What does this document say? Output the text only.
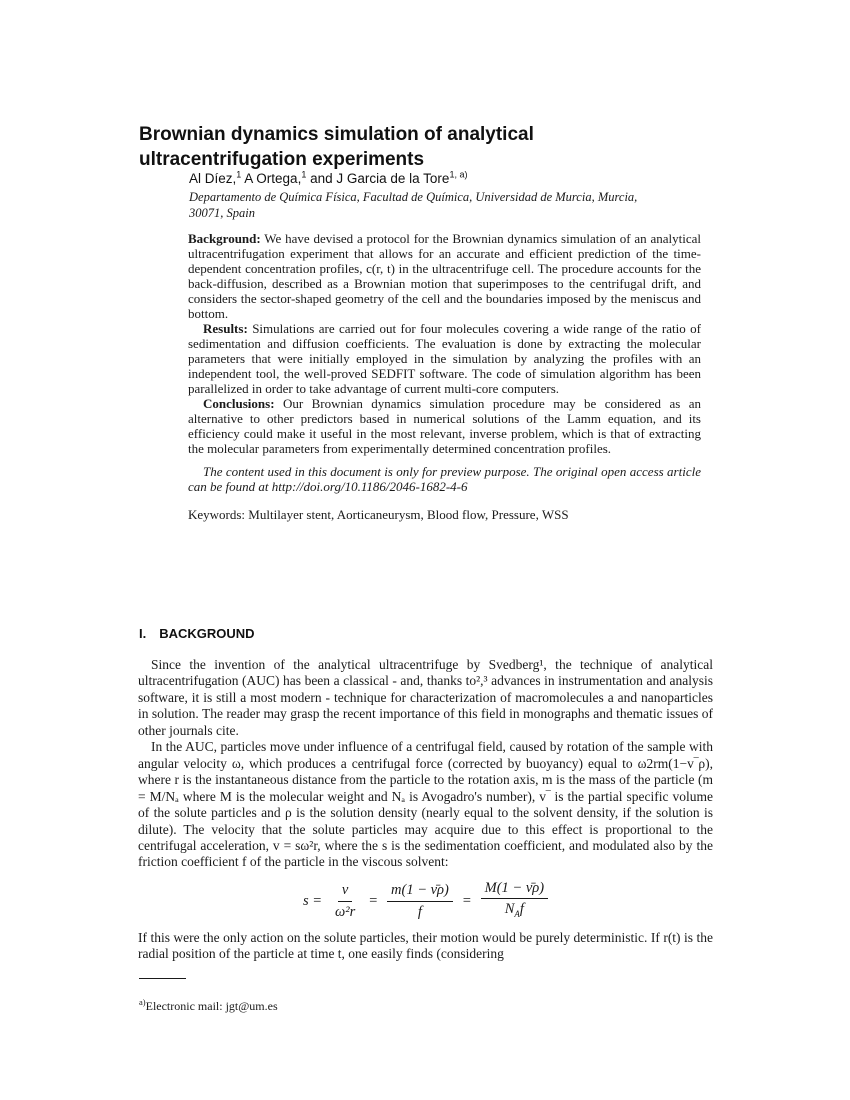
Brownian dynamics simulation of analytical
ultracentrifugation experiments
Al Díez,$^1$ A Ortega,$^1$ and J Garcia de la Tore$^{1, a)}$
Departamento de Química Física, Facultad de Química, Universidad de Murcia, Murcia,
30071, Spain

Background: We have devised a protocol for the Brownian dynamics simulation of an analytical ultracentrifugation experiment that allows for an accurate and efficient prediction of the time-dependent concentration profiles, c(r, t) in the ultracentrifuge cell. The procedure accounts for the back-diffusion, described as a Brownian motion that superimposes to the centrifugal drift, and considers the sector-shaped geometry of the cell and the boundaries imposed by the meniscus and bottom.

Results: Simulations are carried out for four molecules covering a wide range of the ratio of sedimentation and diffusion coefficients. The evaluation is done by extracting the molecular parameters that were initially employed in the simulation by analyzing the profiles with an independent tool, the well-proved SEDFIT software. The code of simulation algorithm has been parallelized in order to take advantage of current multi-core computers.

Conclusions: Our Brownian dynamics simulation procedure may be considered as an alternative to other predictors based in numerical solutions of the Lamm equation, and its efficiency could make it useful in the most relevant, inverse problem, which is that of extracting the molecular parameters from experimentally determined concentration profiles.

The content used in this document is only for preview purpose. The original open access article can be found at http://doi.org/10.1186/2046-1682-4-6

Keywords: Multilayer stent, Aorticaneurysm, Blood flow, Pressure, WSS

I. BACKGROUND

Since the invention of the analytical ultracentrifuge by Svedberg¹, the technique of analytical ultracentrifugation (AUC) has been a classical - and, thanks to²,³ advances in instrumentation and analysis software, it is still a most modern - technique for characterization of macromolecules a and nanoparticles in solution. The reader may grasp the recent importance of this field in monographs and thematic issues of other journals cite.

In the AUC, particles move under influence of a centrifugal field, caused by rotation of the sample with angular velocity ω, which produces a centrifugal force (corrected by buoyancy) equal to ω2rm(1−v‾ρ), where r is the instantaneous distance from the particle to the rotation axis, m is the mass of the particle (m = M/Nₐ where M is the molecular weight and Nₐ is Avogadro's number), v‾ is the partial specific volume of the solute particles and ρ is the solution density (nearly equal to the solvent density, if the solution is dilute). The velocity that the solute particles may acquire due to this effect is proportional to the centrifugal acceleration, v = sω²r, where the s is the sedimentation coefficient, and modulated also by the friction coefficient f of the particle in the viscous solvent:

$s = \frac{\nu}{\text{ω²r}} = \frac{m(1 - \nū\rho)}{f} = \frac{M(1 - \nū\rho)}{N_Af}$

If this were the only action on the solute particles, their motion would be purely deterministic. If r(t) is the radial position of the particle at time t, one easily finds (considering

$^{a)}$Electronic mail: jgt@um.es
